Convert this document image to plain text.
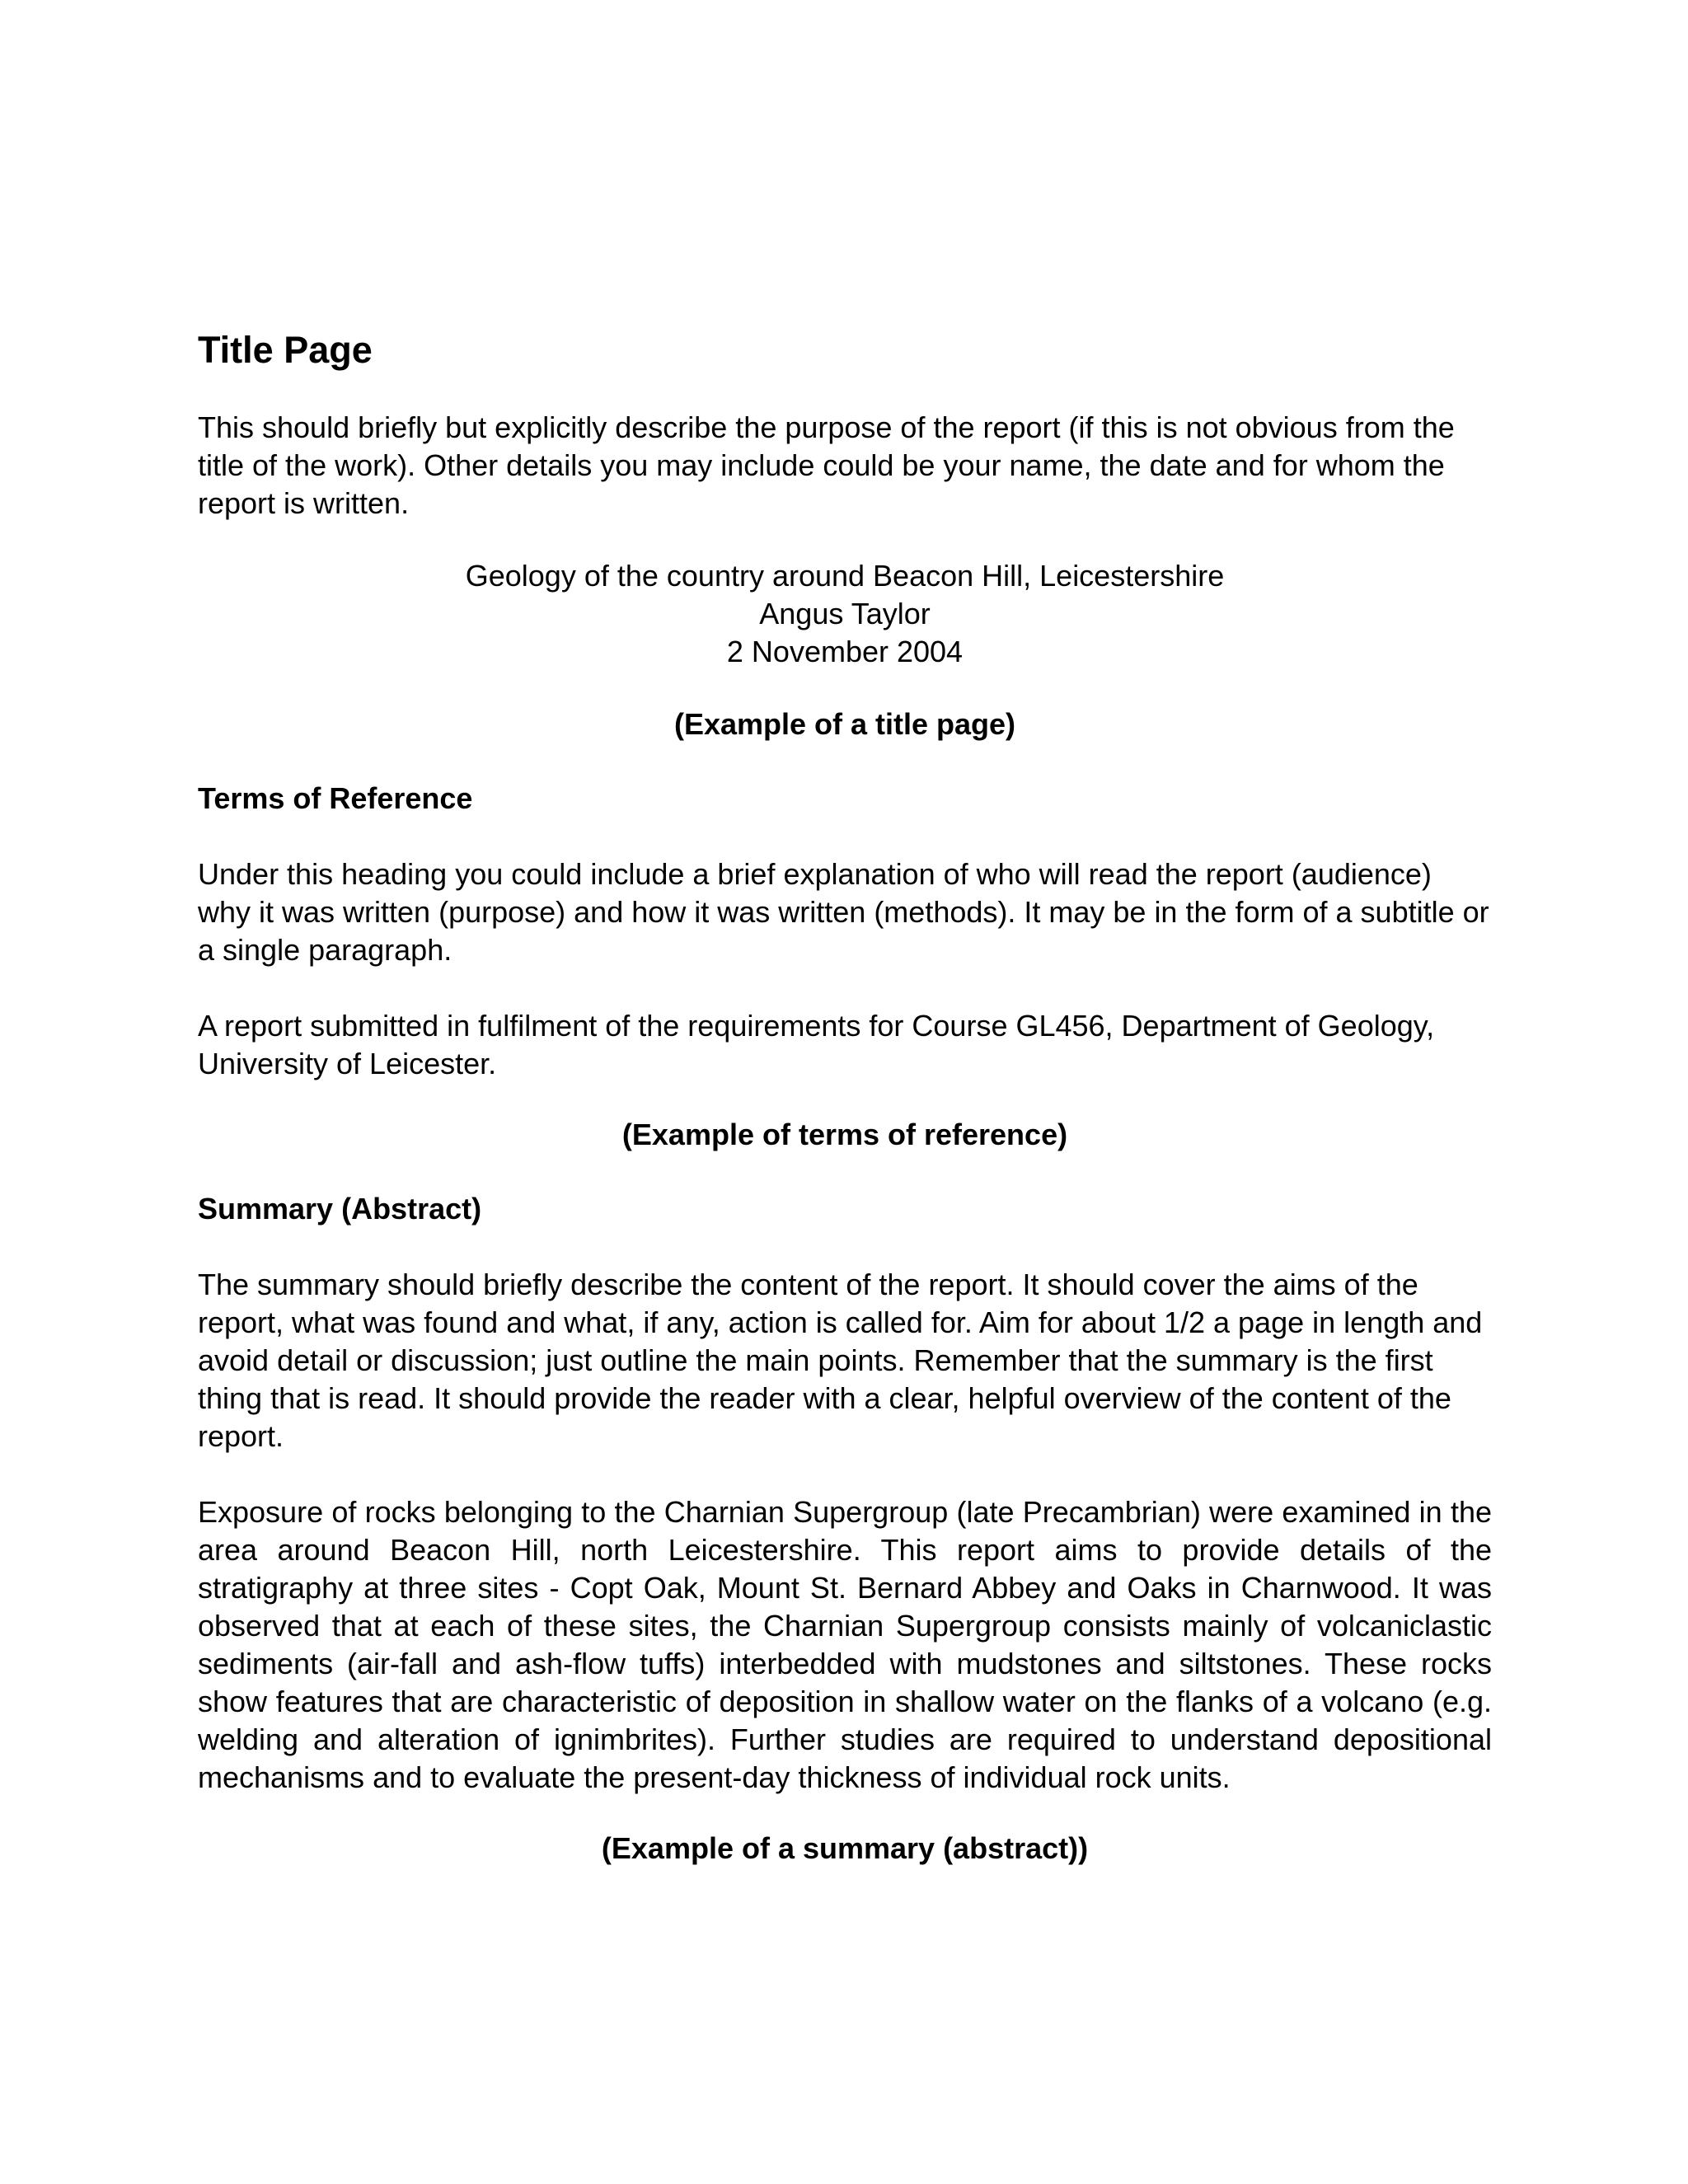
Title Page

This should briefly but explicitly describe the purpose of the report (if this is not obvious from the title of the work). Other details you may include could be your name, the date and for whom the report is written.

Geology of the country around Beacon Hill, Leicestershire
Angus Taylor
2 November 2004

(Example of a title page)

Terms of Reference

Under this heading you could include a brief explanation of who will read the report (audience) why it was written (purpose) and how it was written (methods). It may be in the form of a subtitle or a single paragraph.

A report submitted in fulfilment of the requirements for Course GL456, Department of Geology, University of Leicester.

(Example of terms of reference)

Summary (Abstract)

The summary should briefly describe the content of the report. It should cover the aims of the report, what was found and what, if any, action is called for. Aim for about 1/2 a page in length and avoid detail or discussion; just outline the main points. Remember that the summary is the first thing that is read. It should provide the reader with a clear, helpful overview of the content of the report.

Exposure of rocks belonging to the Charnian Supergroup (late Precambrian) were examined in the area around Beacon Hill, north Leicestershire. This report aims to provide details of the stratigraphy at three sites - Copt Oak, Mount St. Bernard Abbey and Oaks in Charnwood. It was observed that at each of these sites, the Charnian Supergroup consists mainly of volcaniclastic sediments (air-fall and ash-flow tuffs) interbedded with mudstones and siltstones. These rocks show features that are characteristic of deposition in shallow water on the flanks of a volcano (e.g. welding and alteration of ignimbrites). Further studies are required to understand depositional mechanisms and to evaluate the present-day thickness of individual rock units.

(Example of a summary (abstract))
